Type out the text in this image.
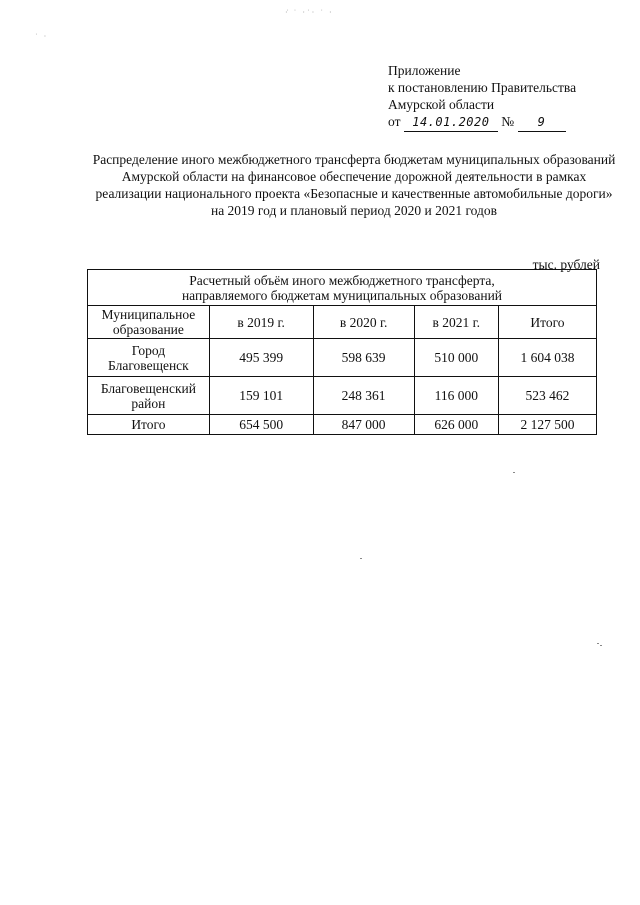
·̇ ˙ ·˙· ˙ ·
˙ ·
Приложение
к постановлению Правительства
Амурской области
от 14.01.2020 № 9
Распределение иного межбюджетного трансферта бюджетам муниципальных образований Амурской области на финансовое обеспечение дорожной деятельности в рамках реализации национального проекта «Безопасные и качественные автомобильные дороги» на 2019 год и плановый период 2020 и 2021 годов
тыс. рублей
Расчетный объём иного межбюджетного трансферта,
направляемого бюджетам муниципальных образований				

Муниципальное образование	в 2019 г.	в 2020 г.	в 2021 г.	Итого

Город
Благовещенск	495 399	598 639	510 000	1 604 038

Благовещенский
район	159 101	248 361	116 000	523 462
Итого	654 500	847 000	626 000	2 127 500
